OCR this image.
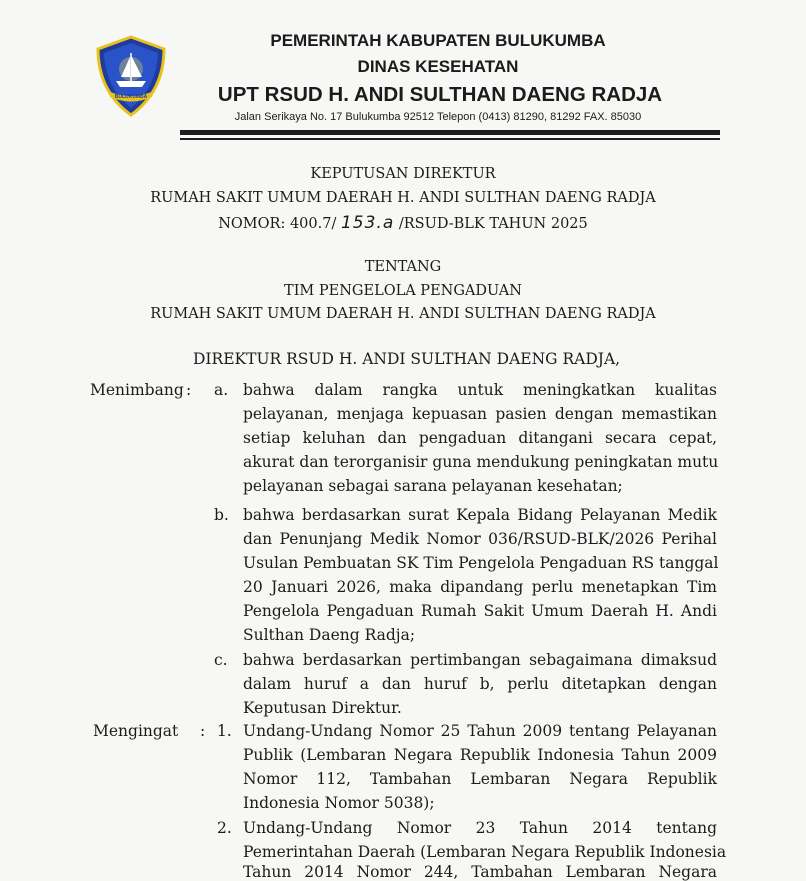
BULUKUMBA
PEMERINTAH KABUPATEN BULUKUMBA
DINAS KESEHATAN
UPT RSUD H. ANDI SULTHAN DAENG RADJA
Jalan Serikaya No. 17 Bulukumba 92512 Telepon (0413) 81290, 81292 FAX. 85030
KEPUTUSAN DIREKTUR
RUMAH SAKIT UMUM DAERAH H. ANDI SULTHAN DAENG RADJA
NOMOR: 400.7/ 153.a /RSUD-BLK TAHUN 2025
TENTANG
TIM PENGELOLA PENGADUAN
RUMAH SAKIT UMUM DAERAH H. ANDI SULTHAN DAENG RADJA
DIREKTUR RSUD H. ANDI SULTHAN DAENG RADJA,
Menimbang : a. bahwa dalam rangka untuk meningkatkan kualitas
pelayanan, menjaga kepuasan pasien dengan memastikan
setiap keluhan dan pengaduan ditangani secara cepat,
akurat dan terorganisir guna mendukung peningkatan mutu
pelayanan sebagai sarana pelayanan kesehatan;
b. bahwa berdasarkan surat Kepala Bidang Pelayanan Medik
dan Penunjang Medik Nomor 036/RSUD-BLK/2026 Perihal
Usulan Pembuatan SK Tim Pengelola Pengaduan RS tanggal
20 Januari 2026, maka dipandang perlu menetapkan Tim
Pengelola Pengaduan Rumah Sakit Umum Daerah H. Andi
Sulthan Daeng Radja;
c. bahwa berdasarkan pertimbangan sebagaimana dimaksud
dalam huruf a dan huruf b, perlu ditetapkan dengan
Keputusan Direktur.
Mengingat : 1. Undang-Undang Nomor 25 Tahun 2009 tentang Pelayanan
Publik (Lembaran Negara Republik Indonesia Tahun 2009
Nomor 112, Tambahan Lembaran Negara Republik
Indonesia Nomor 5038);
2. Undang-Undang Nomor 23 Tahun 2014 tentang
Pemerintahan Daerah (Lembaran Negara Republik Indonesia
Tahun 2014 Nomor 244, Tambahan Lembaran Negara
